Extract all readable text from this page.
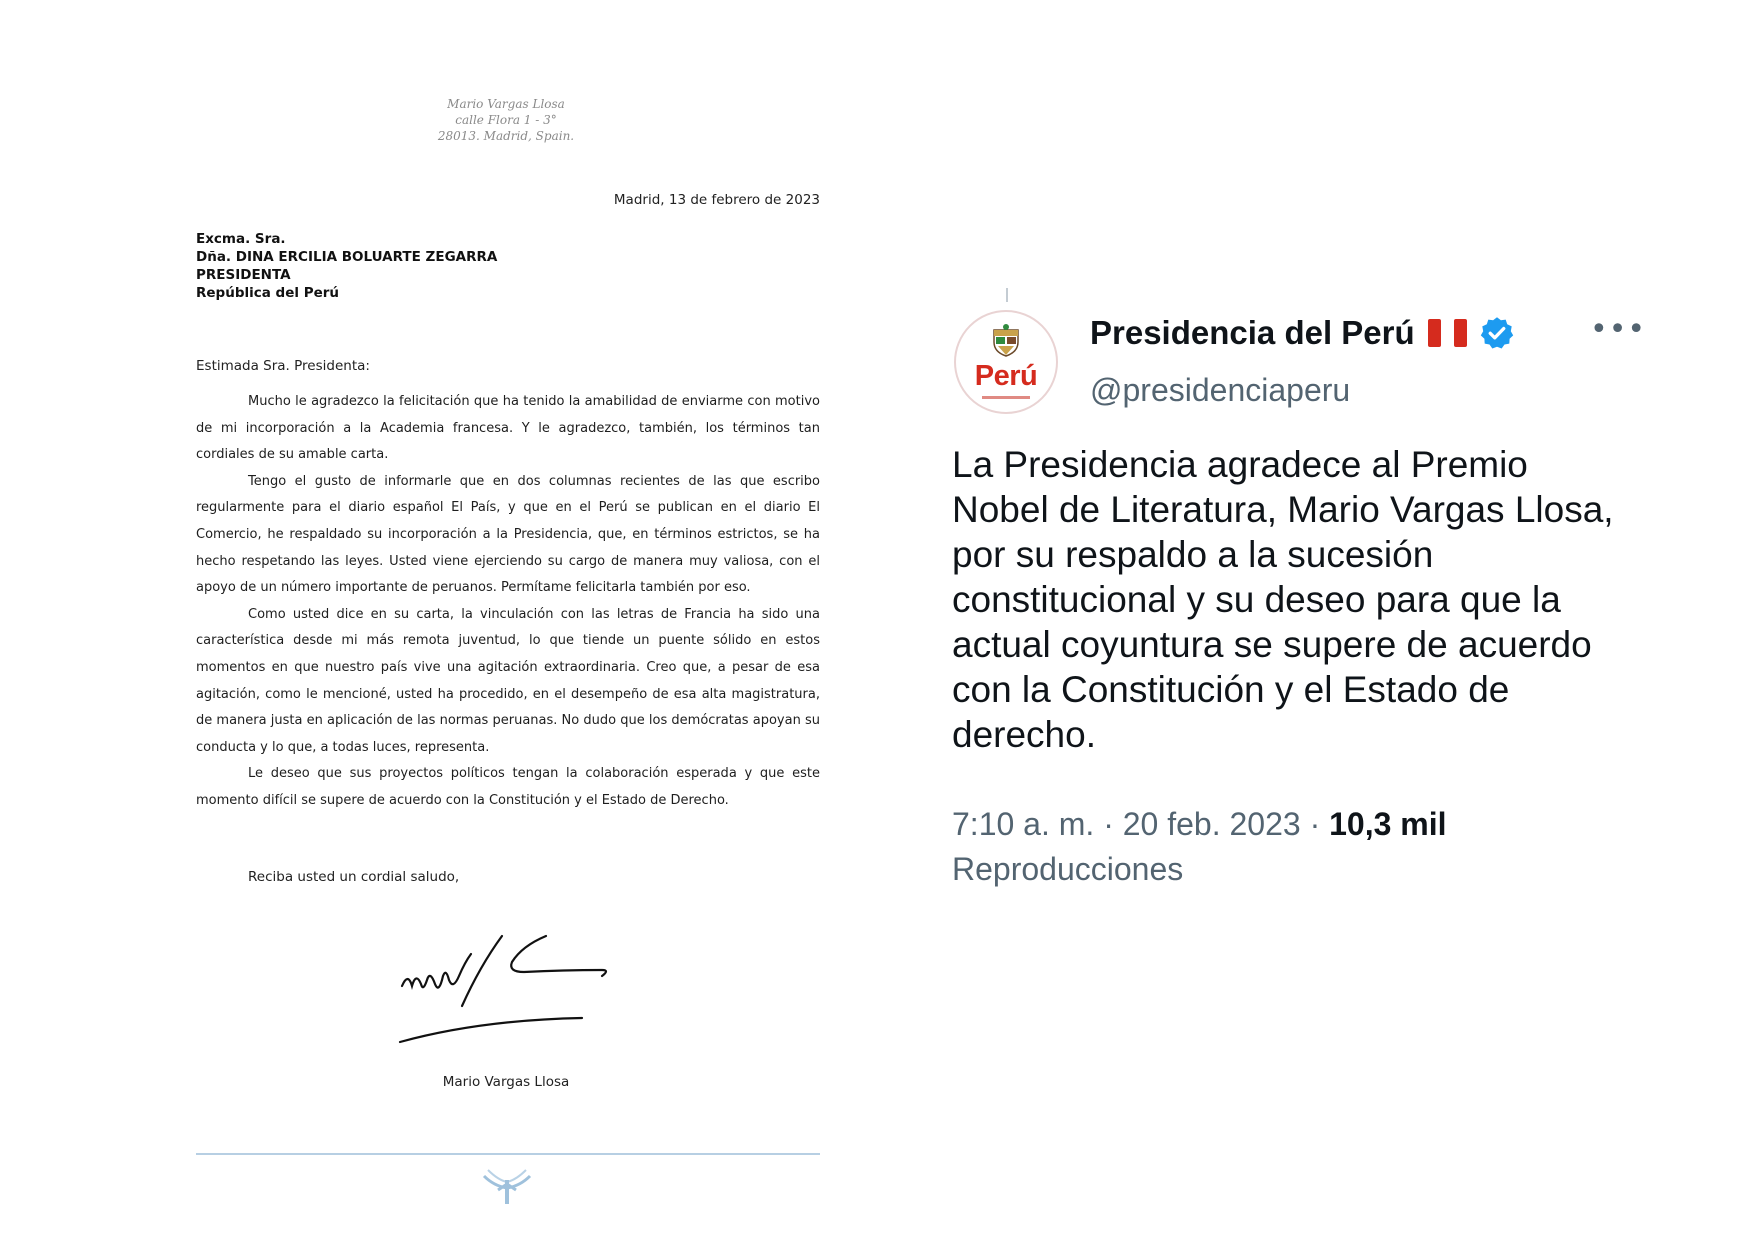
Mario Vargas Llosa
calle Flora 1 - 3°
28013. Madrid, Spain.
Madrid, 13 de febrero de 2023
Excma. Sra.
Dña. DINA ERCILIA BOLUARTE ZEGARRA
PRESIDENTA
República del Perú
Estimada Sra. Presidenta:

Mucho le agradezco la felicitación que ha tenido la amabilidad de enviarme con motivo de mi incorporación a la Academia francesa. Y le agradezco, también, los términos tan cordiales de su amable carta.

Tengo el gusto de informarle que en dos columnas recientes de las que escribo regularmente para el diario español El País, y que en el Perú se publican en el diario El Comercio, he respaldado su incorporación a la Presidencia, que, en términos estrictos, se ha hecho respetando las leyes. Usted viene ejerciendo su cargo de manera muy valiosa, con el apoyo de un número importante de peruanos. Permítame felicitarla también por eso.

Como usted dice en su carta, la vinculación con las letras de Francia ha sido una característica desde mi más remota juventud, lo que tiende un puente sólido en estos momentos en que nuestro país vive una agitación extraordinaria. Creo que, a pesar de esa agitación, como le mencioné, usted ha procedido, en el desempeño de esa alta magistratura, de manera justa en aplicación de las normas peruanas. No dudo que los demócratas apoyan su conducta y lo que, a todas luces, representa.

Le deseo que sus proyectos políticos tengan la colaboración esperada y que este momento difícil se supere de acuerdo con la Constitución y el Estado de Derecho.

Reciba usted un cordial saludo,
Mario Vargas Llosa
Perú
Presidencia del Perú

@presidenciaperu
•••
La Presidencia agradece al Premio Nobel de Literatura, Mario Vargas Llosa, por su respaldo a la sucesión constitucional y su deseo para que la actual coyuntura se supere de acuerdo con la Constitución y el Estado de derecho.
7:10 a. m. · 20 feb. 2023 · 10,3 mil
Reproducciones
